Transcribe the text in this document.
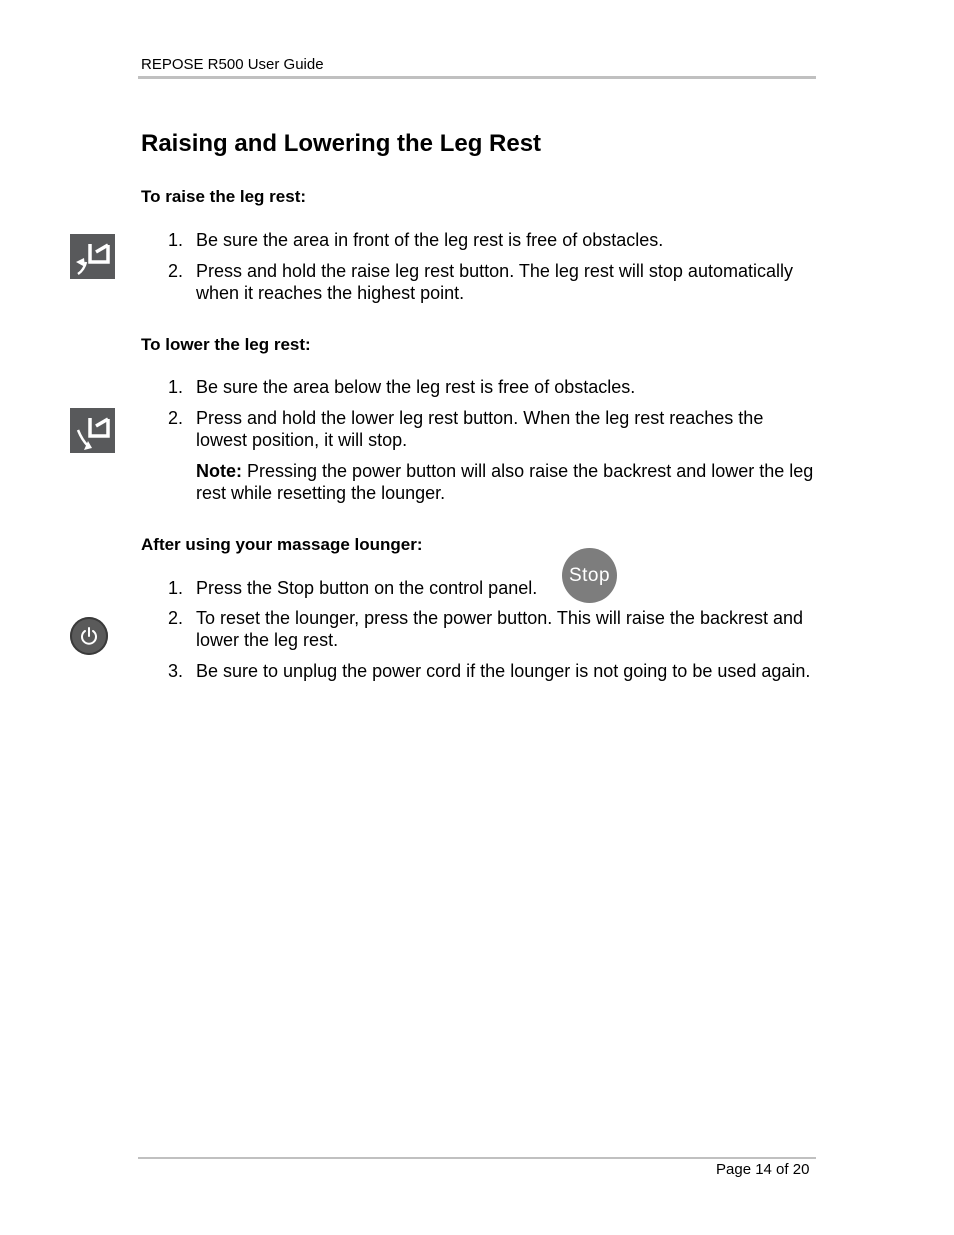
REPOSE R500 User Guide
Raising and Lowering the Leg Rest
To raise the leg rest:
1. Be sure the area in front of the leg rest is free of obstacles.
2. Press and hold the raise leg rest button. The leg rest will stop automatically when it reaches the highest point.
To lower the leg rest:
1. Be sure the area below the leg rest is free of obstacles.
2. Press and hold the lower leg rest button. When the leg rest reaches the lowest position, it will stop.
Note: Pressing the power button will also raise the backrest and lower the leg rest while resetting the lounger.
After using your massage lounger:
1. Press the Stop button on the control panel.
Stop
2. To reset the lounger, press the power button. This will raise the backrest and lower the leg rest.
3. Be sure to unplug the power cord if the lounger is not going to be used again.
Page 14 of 20
